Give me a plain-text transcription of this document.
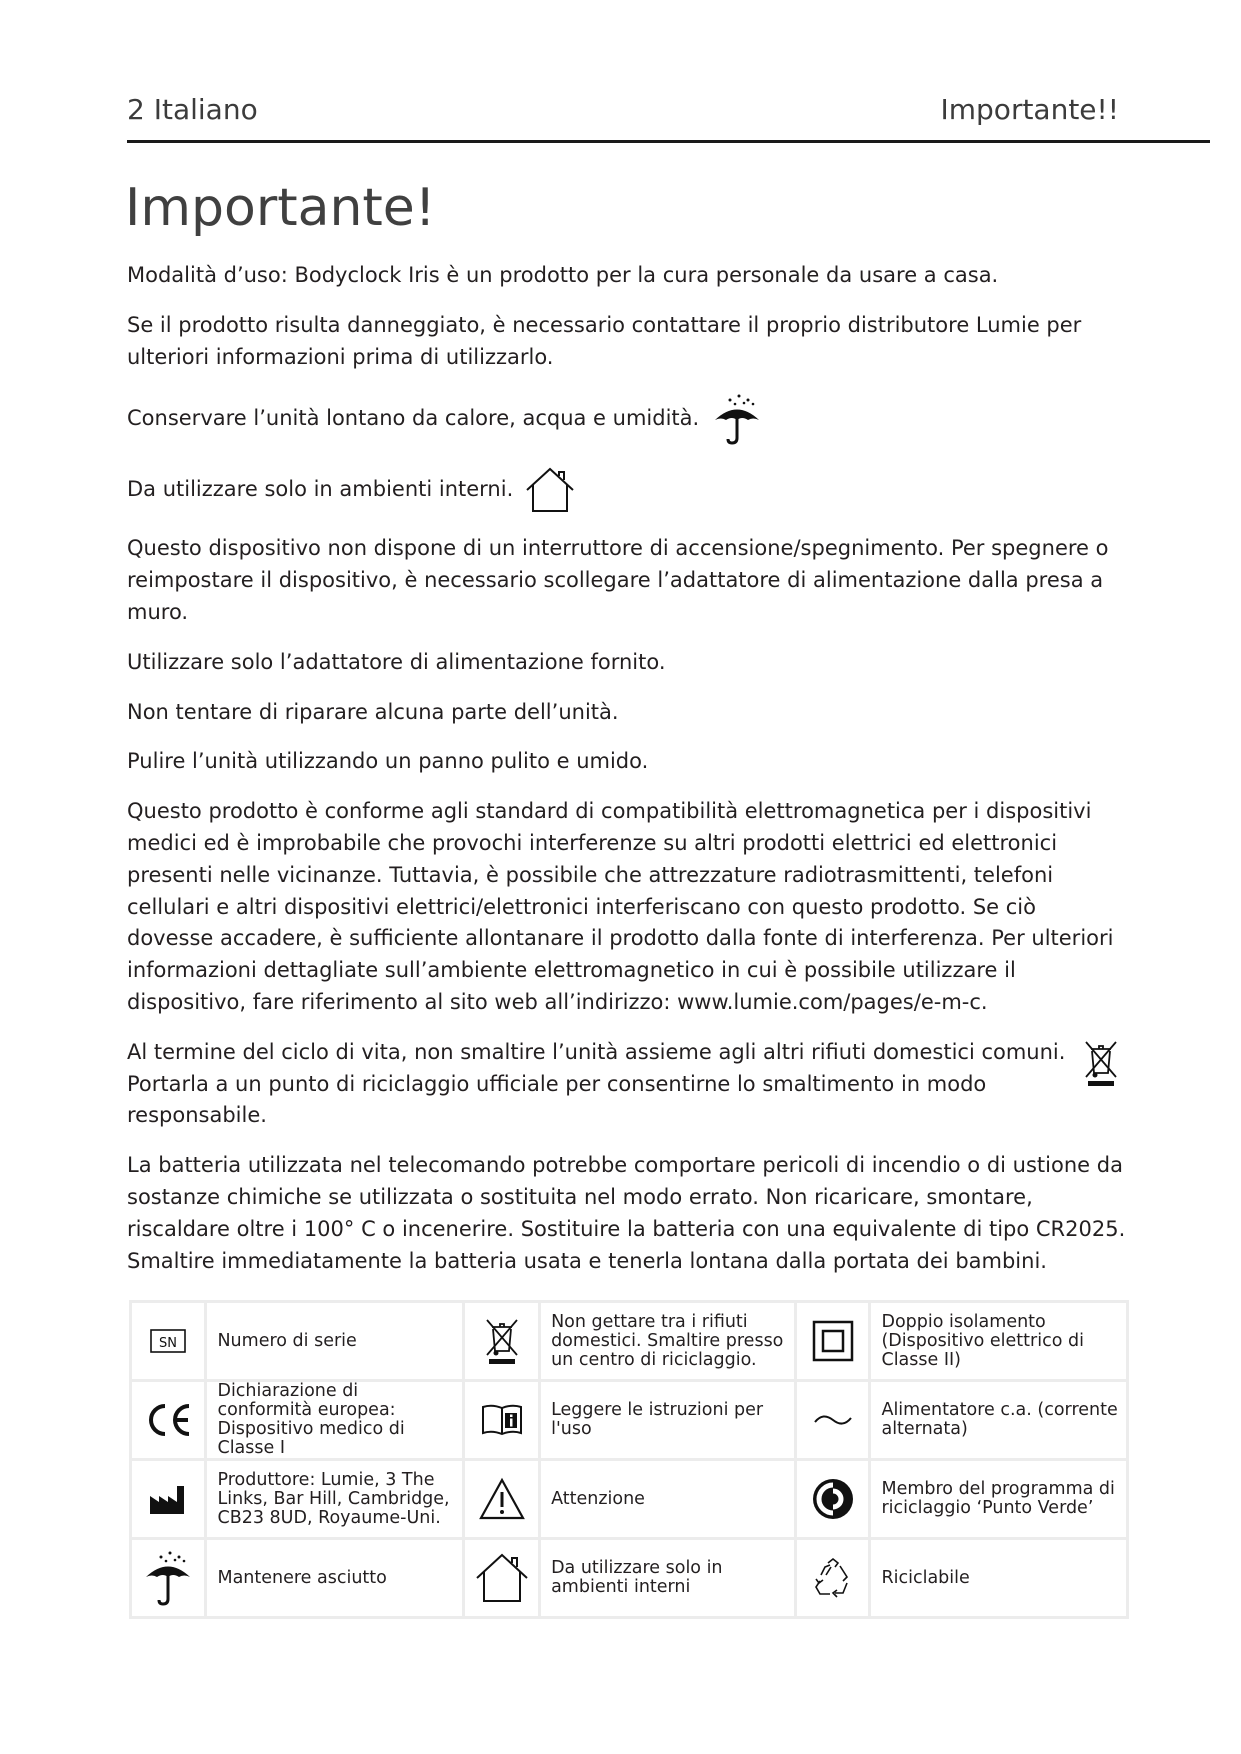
2 Italiano	Importante!!
Importante!

Modalità d’uso: Bodyclock Iris è un prodotto per la cura personale da usare a casa.

Se il prodotto risulta danneggiato, è necessario contattare il proprio distributore Lumie per ulteriori informazioni prima di utilizzarlo.

Conservare l’unità lontano da calore, acqua e umidità.

Da utilizzare solo in ambienti interni.

Questo dispositivo non dispone di un interruttore di accensione/spegnimento. Per spegnere o reimpostare il dispositivo, è necessario scollegare l’adattatore di alimentazione dalla presa a muro.

Utilizzare solo l’adattatore di alimentazione fornito.

Non tentare di riparare alcuna parte dell’unità.

Pulire l’unità utilizzando un panno pulito e umido.

Questo prodotto è conforme agli standard di compatibilità elettromagnetica per i dispositivi medici ed è improbabile che provochi interferenze su altri prodotti elettrici ed elettronici presenti nelle vicinanze. Tuttavia, è possibile che attrezzature radiotrasmittenti, telefoni cellulari e altri dispositivi elettrici/elettronici interferiscano con questo prodotto. Se ciò dovesse accadere, è sufficiente allontanare il prodotto dalla fonte di interferenza. Per ulteriori informazioni dettagliate sull’ambiente elettromagnetico in cui è possibile utilizzare il dispositivo, fare riferimento al sito web all’indirizzo: www.lumie.com/pages/e-m-c.

Al termine del ciclo di vita, non smaltire l’unità assieme agli altri rifiuti domestici comuni. Portarla a un punto di riciclaggio ufficiale per consentirne lo smaltimento in modo responsabile.

La batteria utilizzata nel telecomando potrebbe comportare pericoli di incendio o di ustione da sostanze chimiche se utilizzata o sostituita nel modo errato. Non ricaricare, smontare, riscaldare oltre i 100° C o incenerire. Sostituire la batteria con una equivalente di tipo CR2025. Smaltire immediatamente la batteria usata e tenerla lontana dalla portata dei bambini.

SN	Numero di serie		Non gettare tra i rifiuti domestici. Smaltire presso un centro di riciclaggio.		Doppio isolamento (Dispositivo elettrico di Classe II)

	Dichiarazione di conformità europea: Dispositivo medico di Classe I		Leggere le istruzioni per l'uso		Alimentatore c.a. (corrente alternata)

	Produttore: Lumie, 3 The Links, Bar Hill, Cambridge, CB23 8UD, Royaume-Uni.		Attenzione		Membro del programma di riciclaggio ‘Punto Verde’

	Mantenere asciutto		Da utilizzare solo in ambienti interni		Riciclabile
